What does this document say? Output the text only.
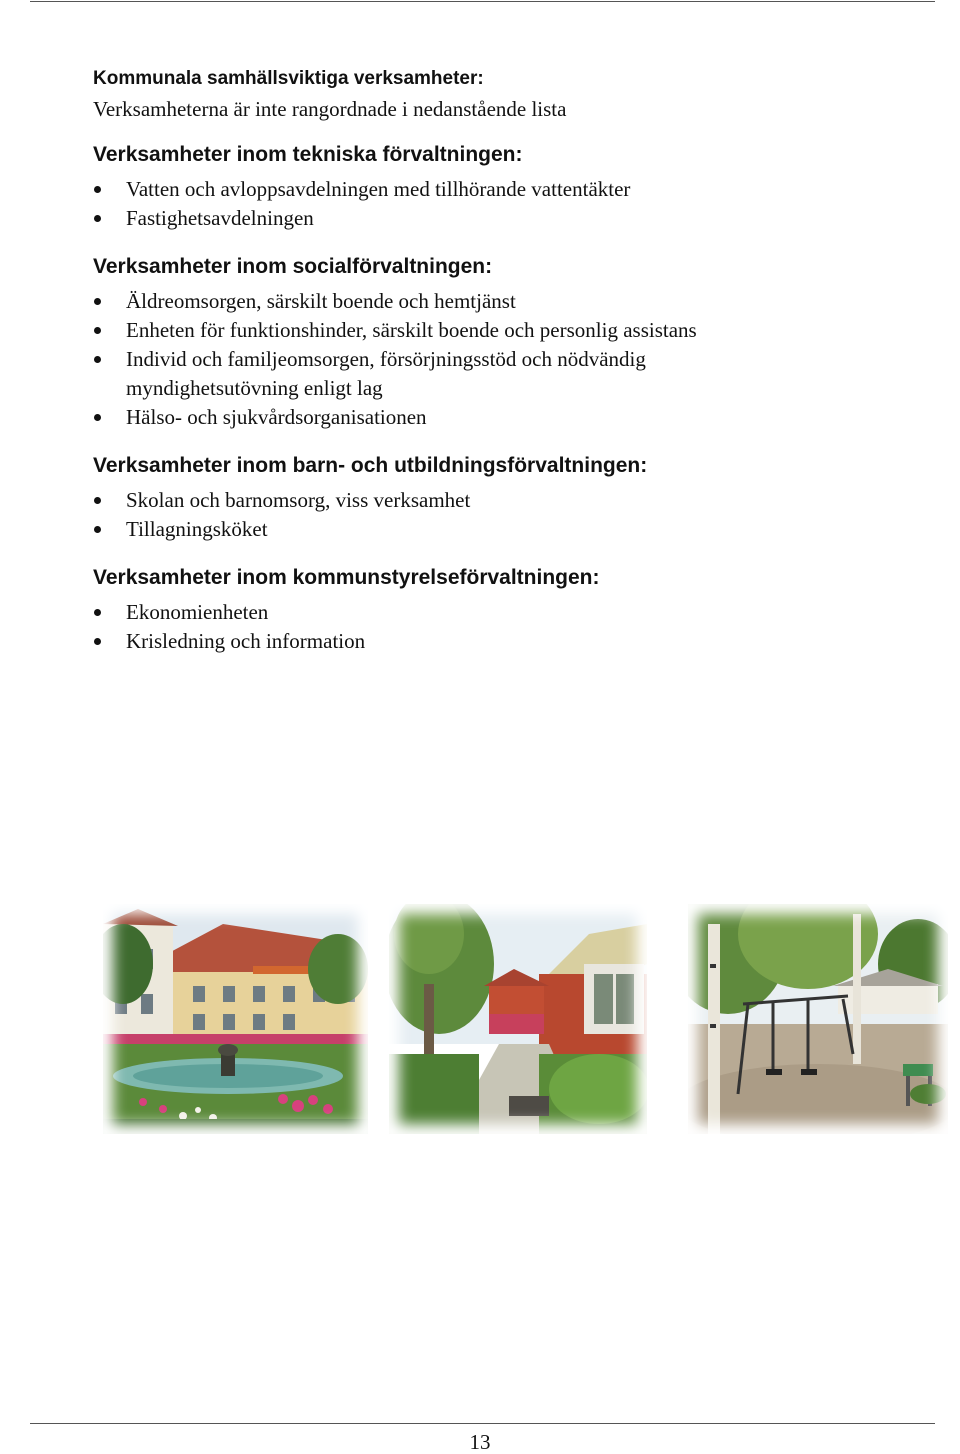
Kommunala samhällsviktiga verksamheter:

Verksamheterna är inte rangordnade i nedanstående lista

Verksamheter inom tekniska förvaltningen:
Vatten och avloppsavdelningen med tillhörande vattentäkter
Fastighetsavdelningen
Verksamheter inom socialförvaltningen:
Äldreomsorgen, särskilt boende och hemtjänst
Enheten för funktionshinder, särskilt boende och personlig assistans
Individ och familjeomsorgen, försörjningsstöd och nödvändig
myndighetsutövning enligt lag
Hälso- och sjukvårdsorganisationen
Verksamheter inom barn- och utbildningsförvaltningen:
Skolan och barnomsorg, viss verksamhet
Tillagningsköket
Verksamheter inom kommunstyrelseförvaltningen:
Ekonomienheten
Krisledning och information
13
